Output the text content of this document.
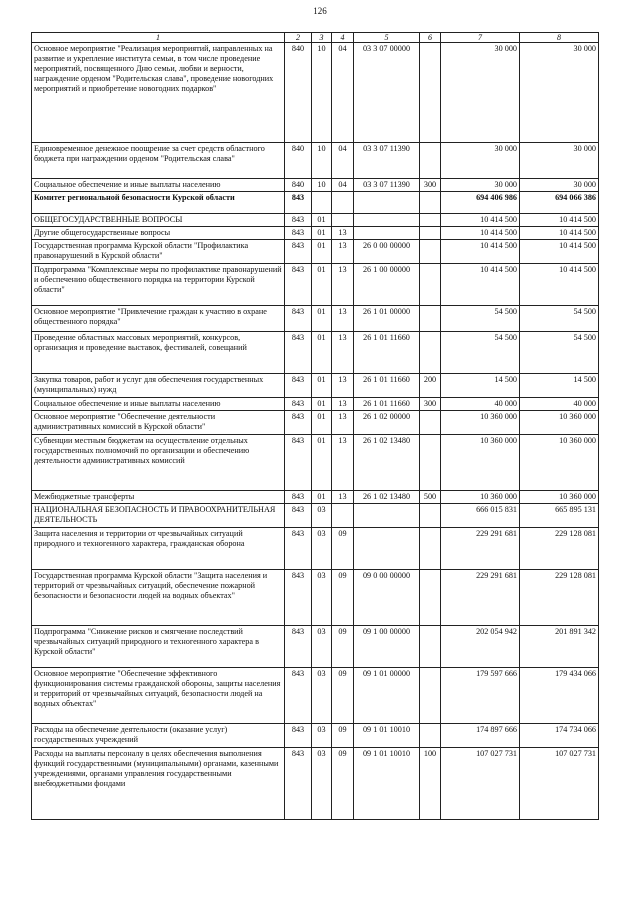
126
1	2	3	4	5	6	7	8
Основное мероприятие "Реализация мероприятий, направленных на развитие и укрепление института семьи, в том числе проведение мероприятий, посвященного Дню семьи, любви и верности, награждение орденом "Родительская слава", проведение новогодних мероприятий и приобретение новогодних подарков"	840	10	04	03 3 07 00000		30 000	30 000
Единовременное денежное поощрение за счет средств областного бюджета при награждении орденом "Родительская слава"	840	10	04	03 3 07 11390		30 000	30 000
Социальное обеспечение и иные выплаты населению	840	10	04	03 3 07 11390	300	30 000	30 000
Комитет региональной безопасности Курской области	843					694 406 986	694 066 386
ОБЩЕГОСУДАРСТВЕННЫЕ ВОПРОСЫ	843	01				10 414 500	10 414 500
Другие общегосударственные вопросы	843	01	13			10 414 500	10 414 500
Государственная программа Курской области "Профилактика правонарушений в Курской области"	843	01	13	26 0 00 00000		10 414 500	10 414 500
Подпрограмма "Комплексные меры по профилактике правонарушений и обеспечению общественного порядка на территории Курской области"	843	01	13	26 1 00 00000		10 414 500	10 414 500
Основное мероприятие "Привлечение граждан к участию в охране общественного порядка"	843	01	13	26 1 01 00000		54 500	54 500
Проведение областных массовых мероприятий, конкурсов, организация и проведение выставок, фестивалей, совещаний	843	01	13	26 1 01 11660		54 500	54 500
Закупка товаров, работ и услуг для обеспечения государственных (муниципальных) нужд	843	01	13	26 1 01 11660	200	14 500	14 500
Социальное обеспечение и иные выплаты населению	843	01	13	26 1 01 11660	300	40 000	40 000
Основное мероприятие "Обеспечение деятельности административных комиссий в Курской области"	843	01	13	26 1 02 00000		10 360 000	10 360 000
Субвенции местным бюджетам на осуществление отдельных государственных полномочий по организации и обеспечению деятельности административных комиссий	843	01	13	26 1 02 13480		10 360 000	10 360 000
Межбюджетные трансферты	843	01	13	26 1 02 13480	500	10 360 000	10 360 000
НАЦИОНАЛЬНАЯ БЕЗОПАСНОСТЬ И ПРАВООХРАНИТЕЛЬНАЯ ДЕЯТЕЛЬНОСТЬ	843	03				666 015 831	665 895 131
Защита населения и территории от чрезвычайных ситуаций природного и техногенного характера, гражданская оборона	843	03	09			229 291 681	229 128 081
Государственная программа Курской области "Защита населения и территорий от чрезвычайных ситуаций, обеспечение пожарной безопасности и безопасности людей на водных объектах"	843	03	09	09 0 00 00000		229 291 681	229 128 081
Подпрограмма "Снижение рисков и смягчение последствий чрезвычайных ситуаций природного и техногенного характера в Курской области"	843	03	09	09 1 00 00000		202 054 942	201 891 342
Основное мероприятие "Обеспечение эффективного функционирования системы гражданской обороны, защиты населения и территорий от чрезвычайных ситуаций, безопасности людей на водных объектах"	843	03	09	09 1 01 00000		179 597 666	179 434 066
Расходы на обеспечение деятельности (оказание услуг) государственных учреждений	843	03	09	09 1 01 10010		174 897 666	174 734 066
Расходы на выплаты персоналу в целях обеспечения выполнения функций государственными (муниципальными) органами, казенными учреждениями, органами управления государственными внебюджетными фондами	843	03	09	09 1 01 10010	100	107 027 731	107 027 731
